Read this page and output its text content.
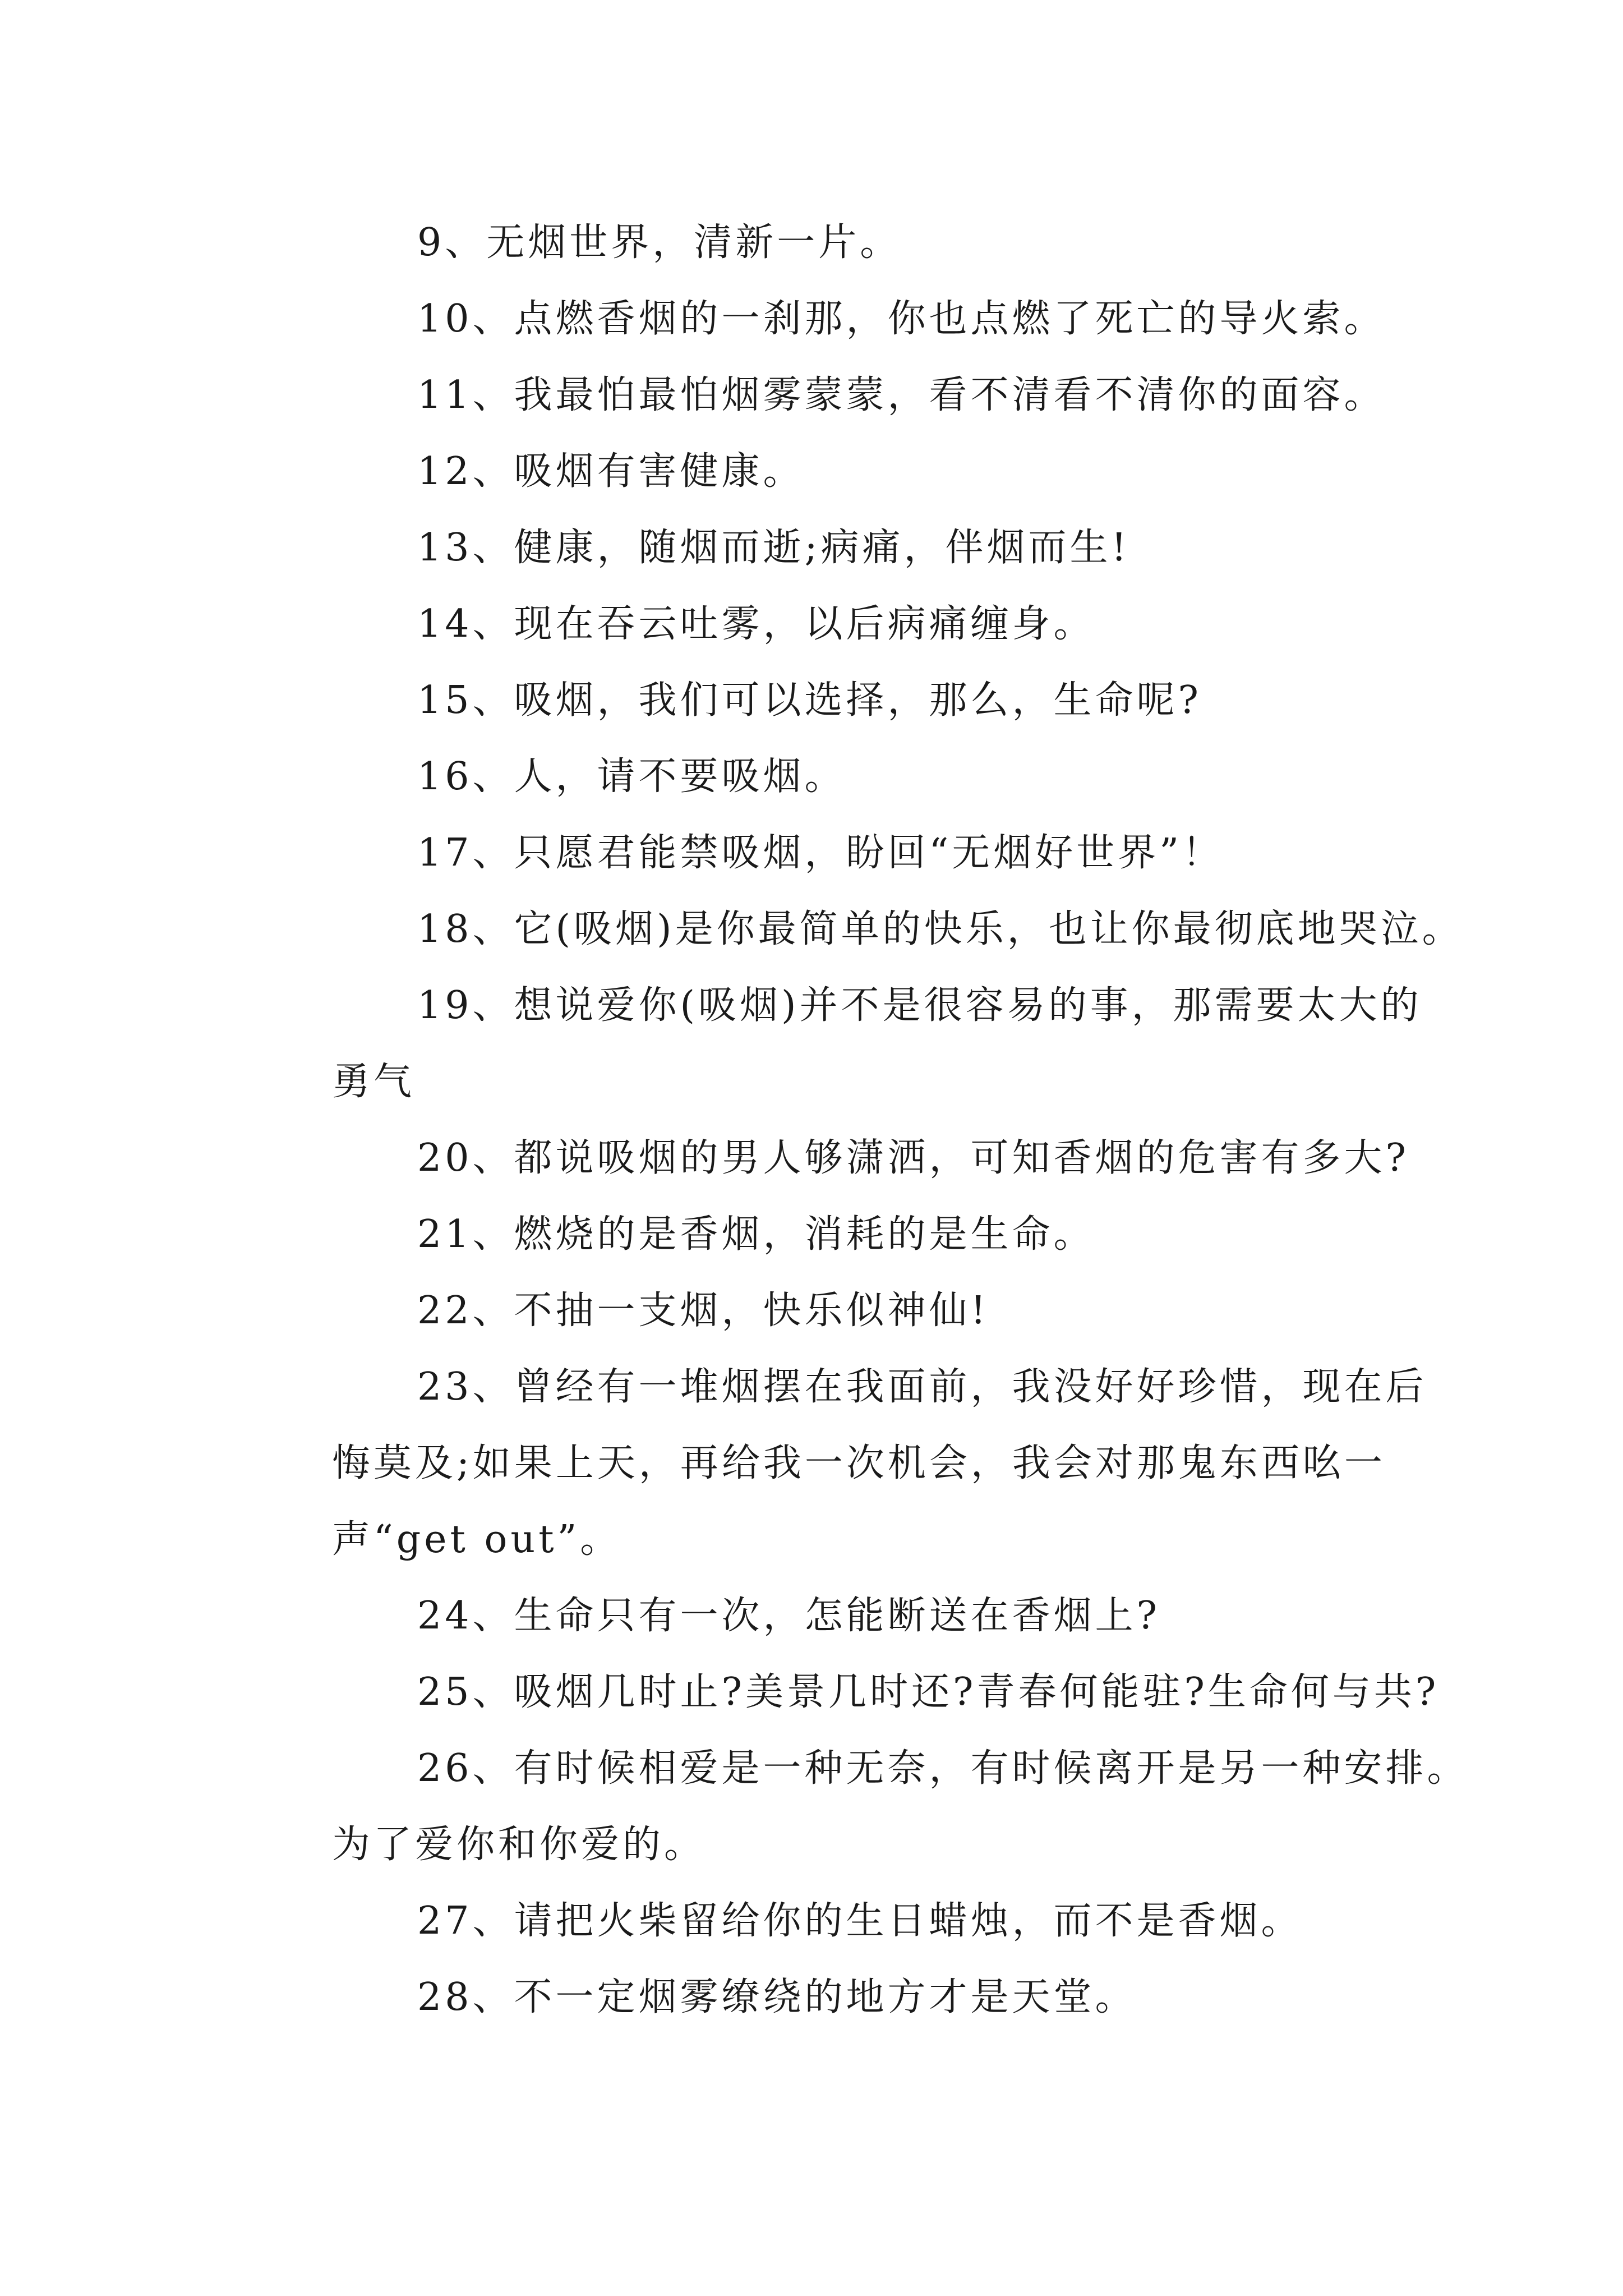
9、无烟世界，清新一片。
10、点燃香烟的一刹那，你也点燃了死亡的导火索。
11、我最怕最怕烟雾蒙蒙，看不清看不清你的面容。
12、吸烟有害健康。
13、健康，随烟而逝;病痛，伴烟而生!
14、现在吞云吐雾，以后病痛缠身。
15、吸烟，我们可以选择，那么，生命呢?
16、人，请不要吸烟。
17、只愿君能禁吸烟，盼回“无烟好世界”！
18、它(吸烟)是你最简单的快乐，也让你最彻底地哭泣。
19、想说爱你(吸烟)并不是很容易的事，那需要太大的
勇气
20、都说吸烟的男人够潇洒，可知香烟的危害有多大?
21、燃烧的是香烟，消耗的是生命。
22、不抽一支烟，快乐似神仙!
23、曾经有一堆烟摆在我面前，我没好好珍惜，现在后
悔莫及;如果上天，再给我一次机会，我会对那鬼东西吆一
声“get out”。
24、生命只有一次，怎能断送在香烟上?
25、吸烟几时止?美景几时还?青春何能驻?生命何与共?
26、有时候相爱是一种无奈，有时候离开是另一种安排。
为了爱你和你爱的。
27、请把火柴留给你的生日蜡烛，而不是香烟。
28、不一定烟雾缭绕的地方才是天堂。
